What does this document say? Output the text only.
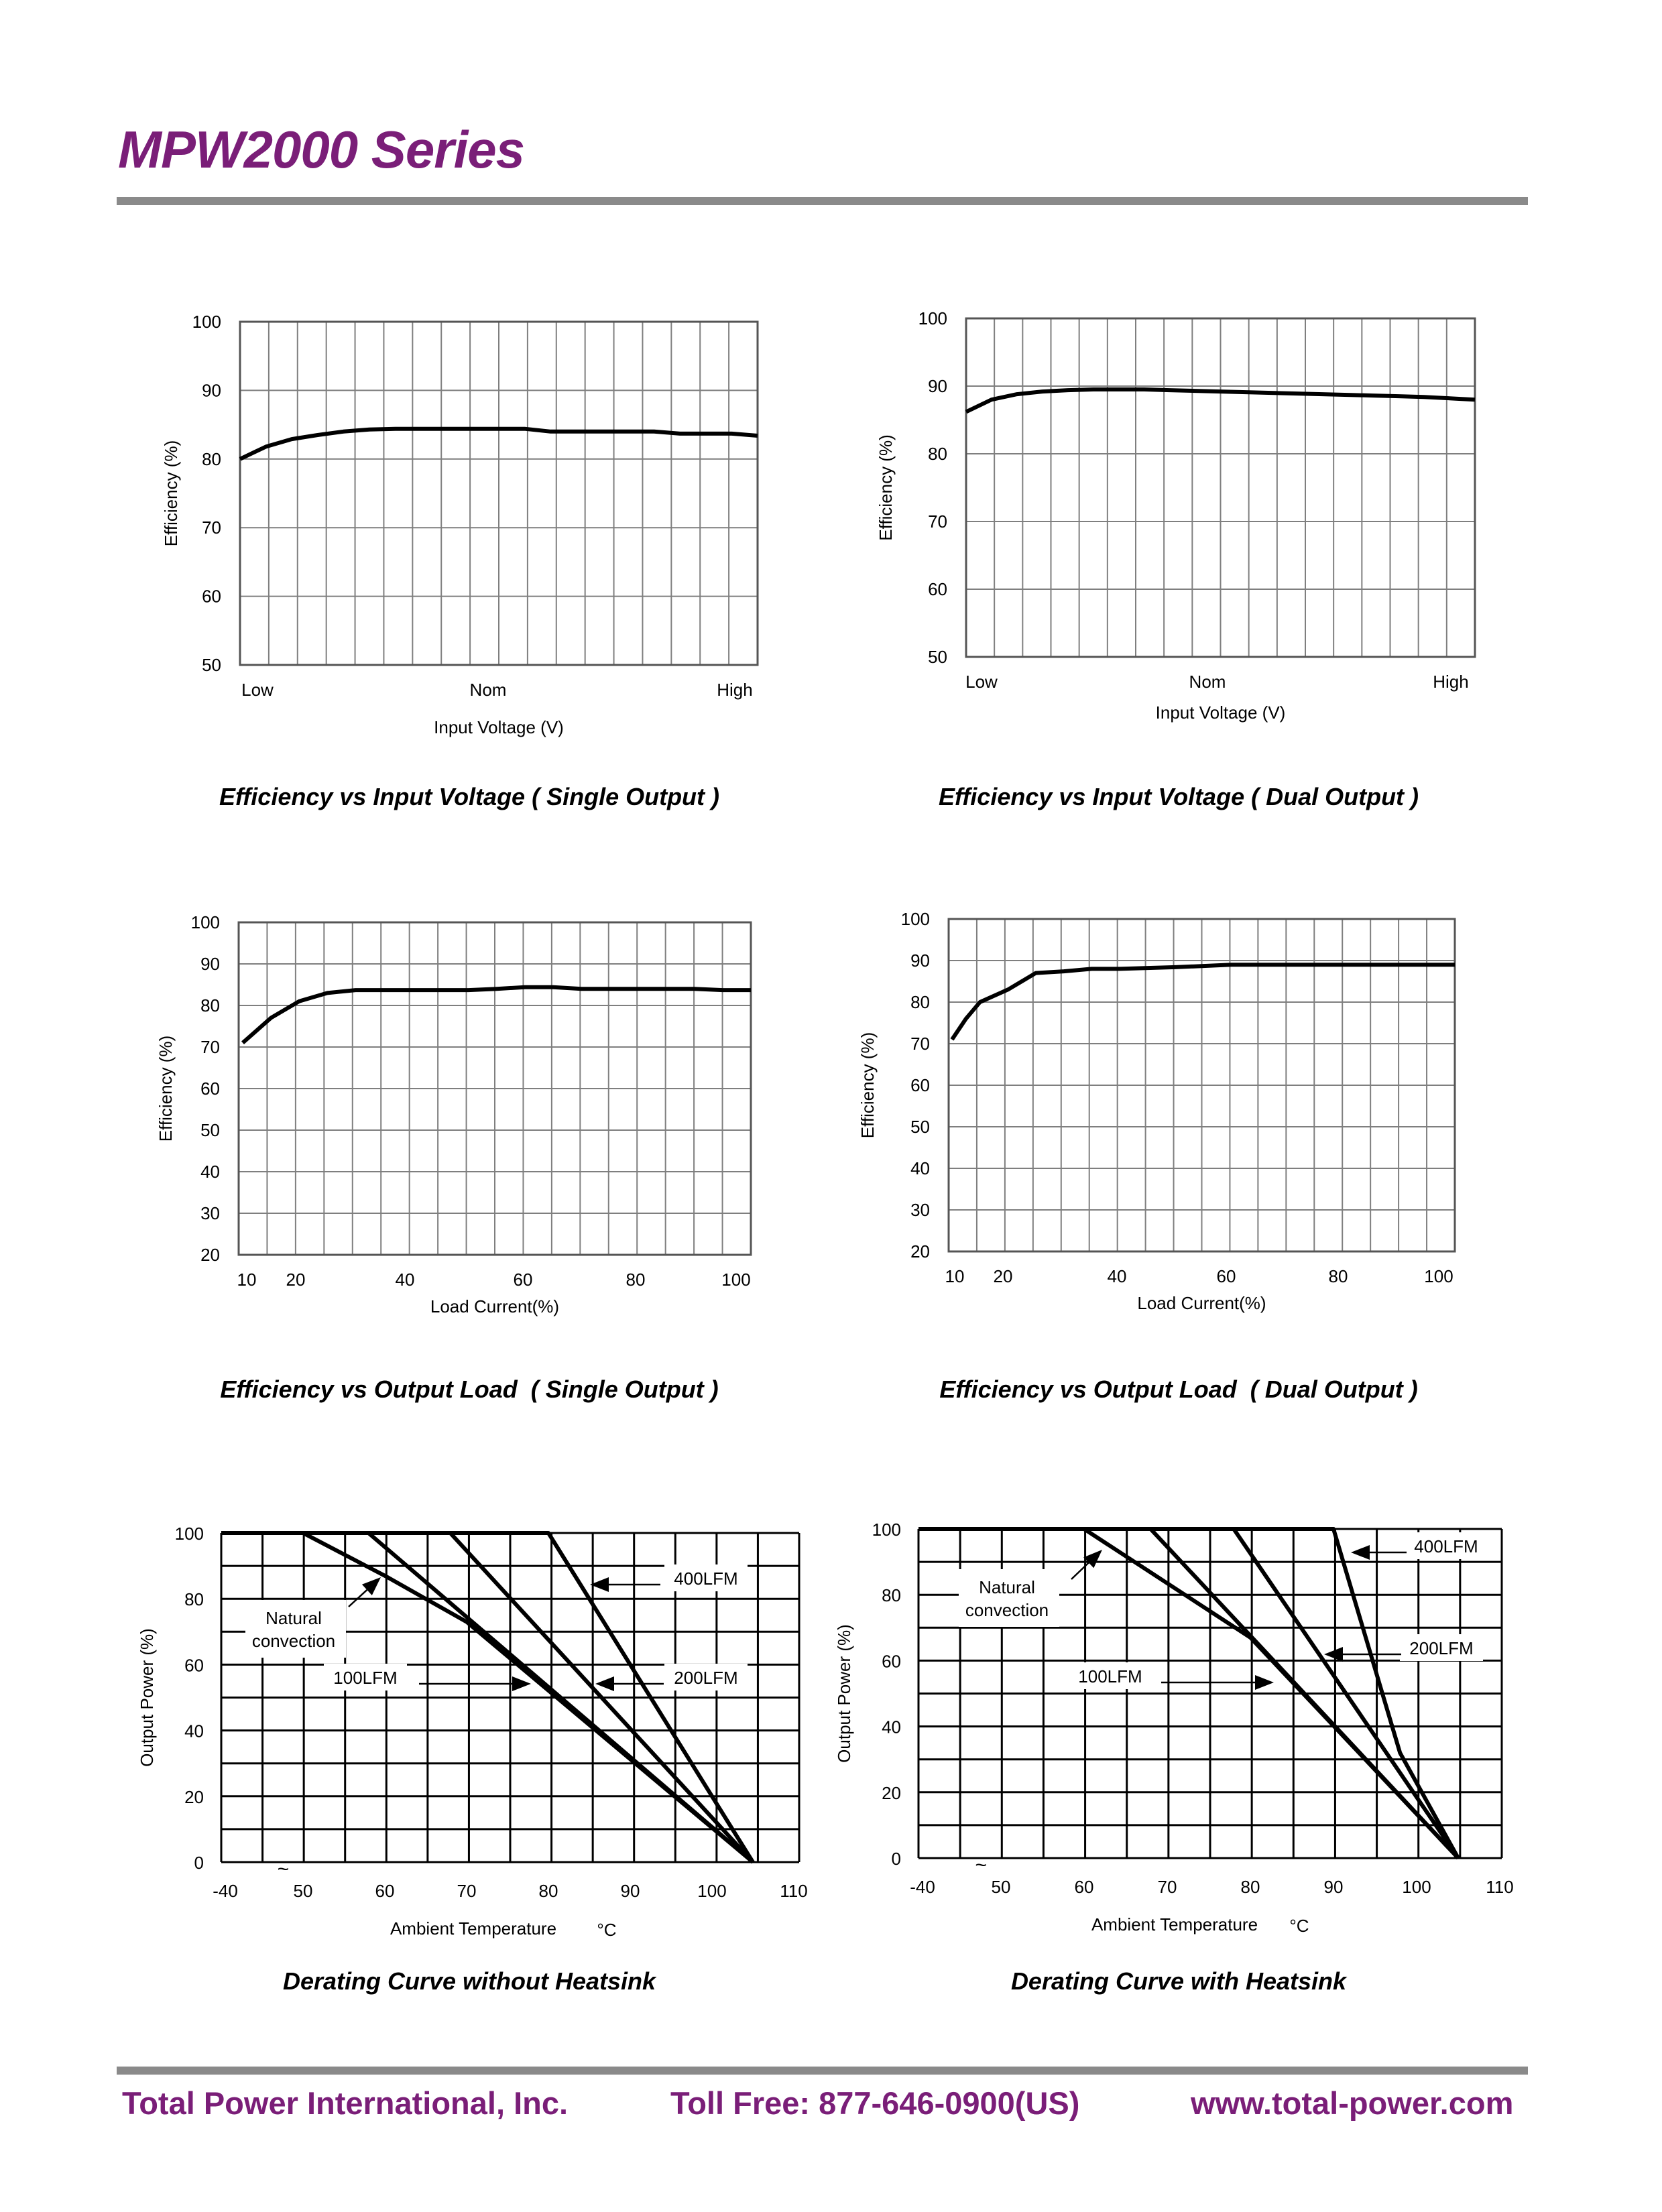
MPW2000 Series
50
60
70
80
90
100
Low	Nom	High
Input Voltage (V)
Efficiency (%)
50
60
70
80
90
100
Low	Nom	High
Input Voltage (V)
Efficiency (%)
20
30
40
50
60
70
80
90
100
10 20	40	60	80	100
Load Current(%)
Efficiency (%)
20
30
40
50
60
70
80
90
100
10 20	40	60	80	100
Load Current(%)
Efficiency (%)
0
20
40
60
80
100
-40	50	60	70	80	90	100	110
~
Ambient Temperature °C
Output Power (%)
Natural
convection
100LFM	200LFM
400LFM
0
20
40
60
80
100
-40	50	60	70	80	90	100	110
~
Ambient Temperature °C
Output Power (%)
Natural
convection
100LFM
200LFM
400LFM
Efficiency vs Input Voltage ( Single Output )	Efficiency vs Input Voltage ( Dual Output )
Efficiency vs Output Load  ( Single Output )	Efficiency vs Output Load  ( Dual Output )
Derating Curve without Heatsink	Derating Curve with Heatsink
Total Power International, Inc.	Toll Free: 877-646-0900(US)	www.total-power.com
